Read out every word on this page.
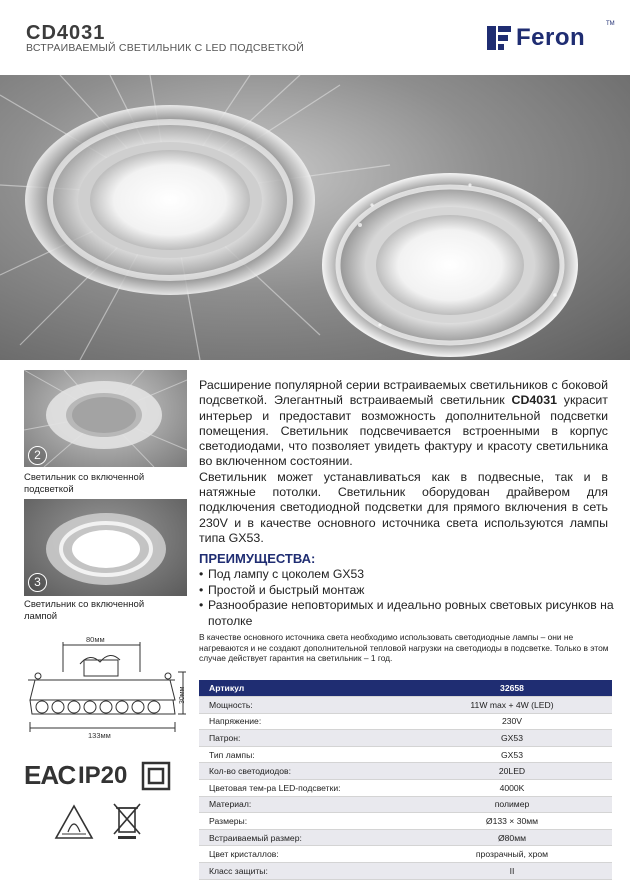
CD4031
ВСТРАИВАЕМЫЙ СВЕТИЛЬНИК С LED ПОДСВЕТКОЙ	Feron	TM
2
Светильник со включенной подсветкой
3
Светильник со включенной лампой

Расширение популярной серии встраиваемых светильников с боковой подсветкой. Элегантный встраиваемый светильник CD4031 украсит интерьер и предоставит возможность дополнительной подсветки помещения. Светильник подсвечивается встроенными в корпус светодиодами, что позволяет увидеть фактуру и красоту светильника во включенном состоянии.

Светильник может устанавливаться как в подвесные, так и в натяжные потолки. Светильник оборудован драйвером для подключения светодиодной подсветки для прямого включения в сеть 230V и в качестве основного источника света используются лампы типа GX53.

ПРЕИМУЩЕСТВА:
• Под лампу с цоколем GX53
• Простой и быстрый монтаж
• Разнообразие неповторимых и идеально ровных световых рисунков на потолке
В качестве основного источника света необходимо использовать светодиодные лампы – они не нагреваются и не создают дополнительной тепловой нагрузки на светодиоды в подсветке. Только в этом случае действует гарантия на светильник – 1 год.
80мм
133мм
30мм
ЕАС IP20
Артикул	32658
Мощность:	11W max + 4W (LED)
Напряжение:	230V
Патрон:	GX53
Тип лампы:	GX53
Кол-во светодиодов:	20LED
Цветовая тем-ра LED-подсветки:	4000K
Материал:	полимер
Размеры:	Ø133 × 30мм
Встраиваемый размер:	Ø80мм
Цвет кристаллов:	прозрачный, хром
Класс защиты:	II
